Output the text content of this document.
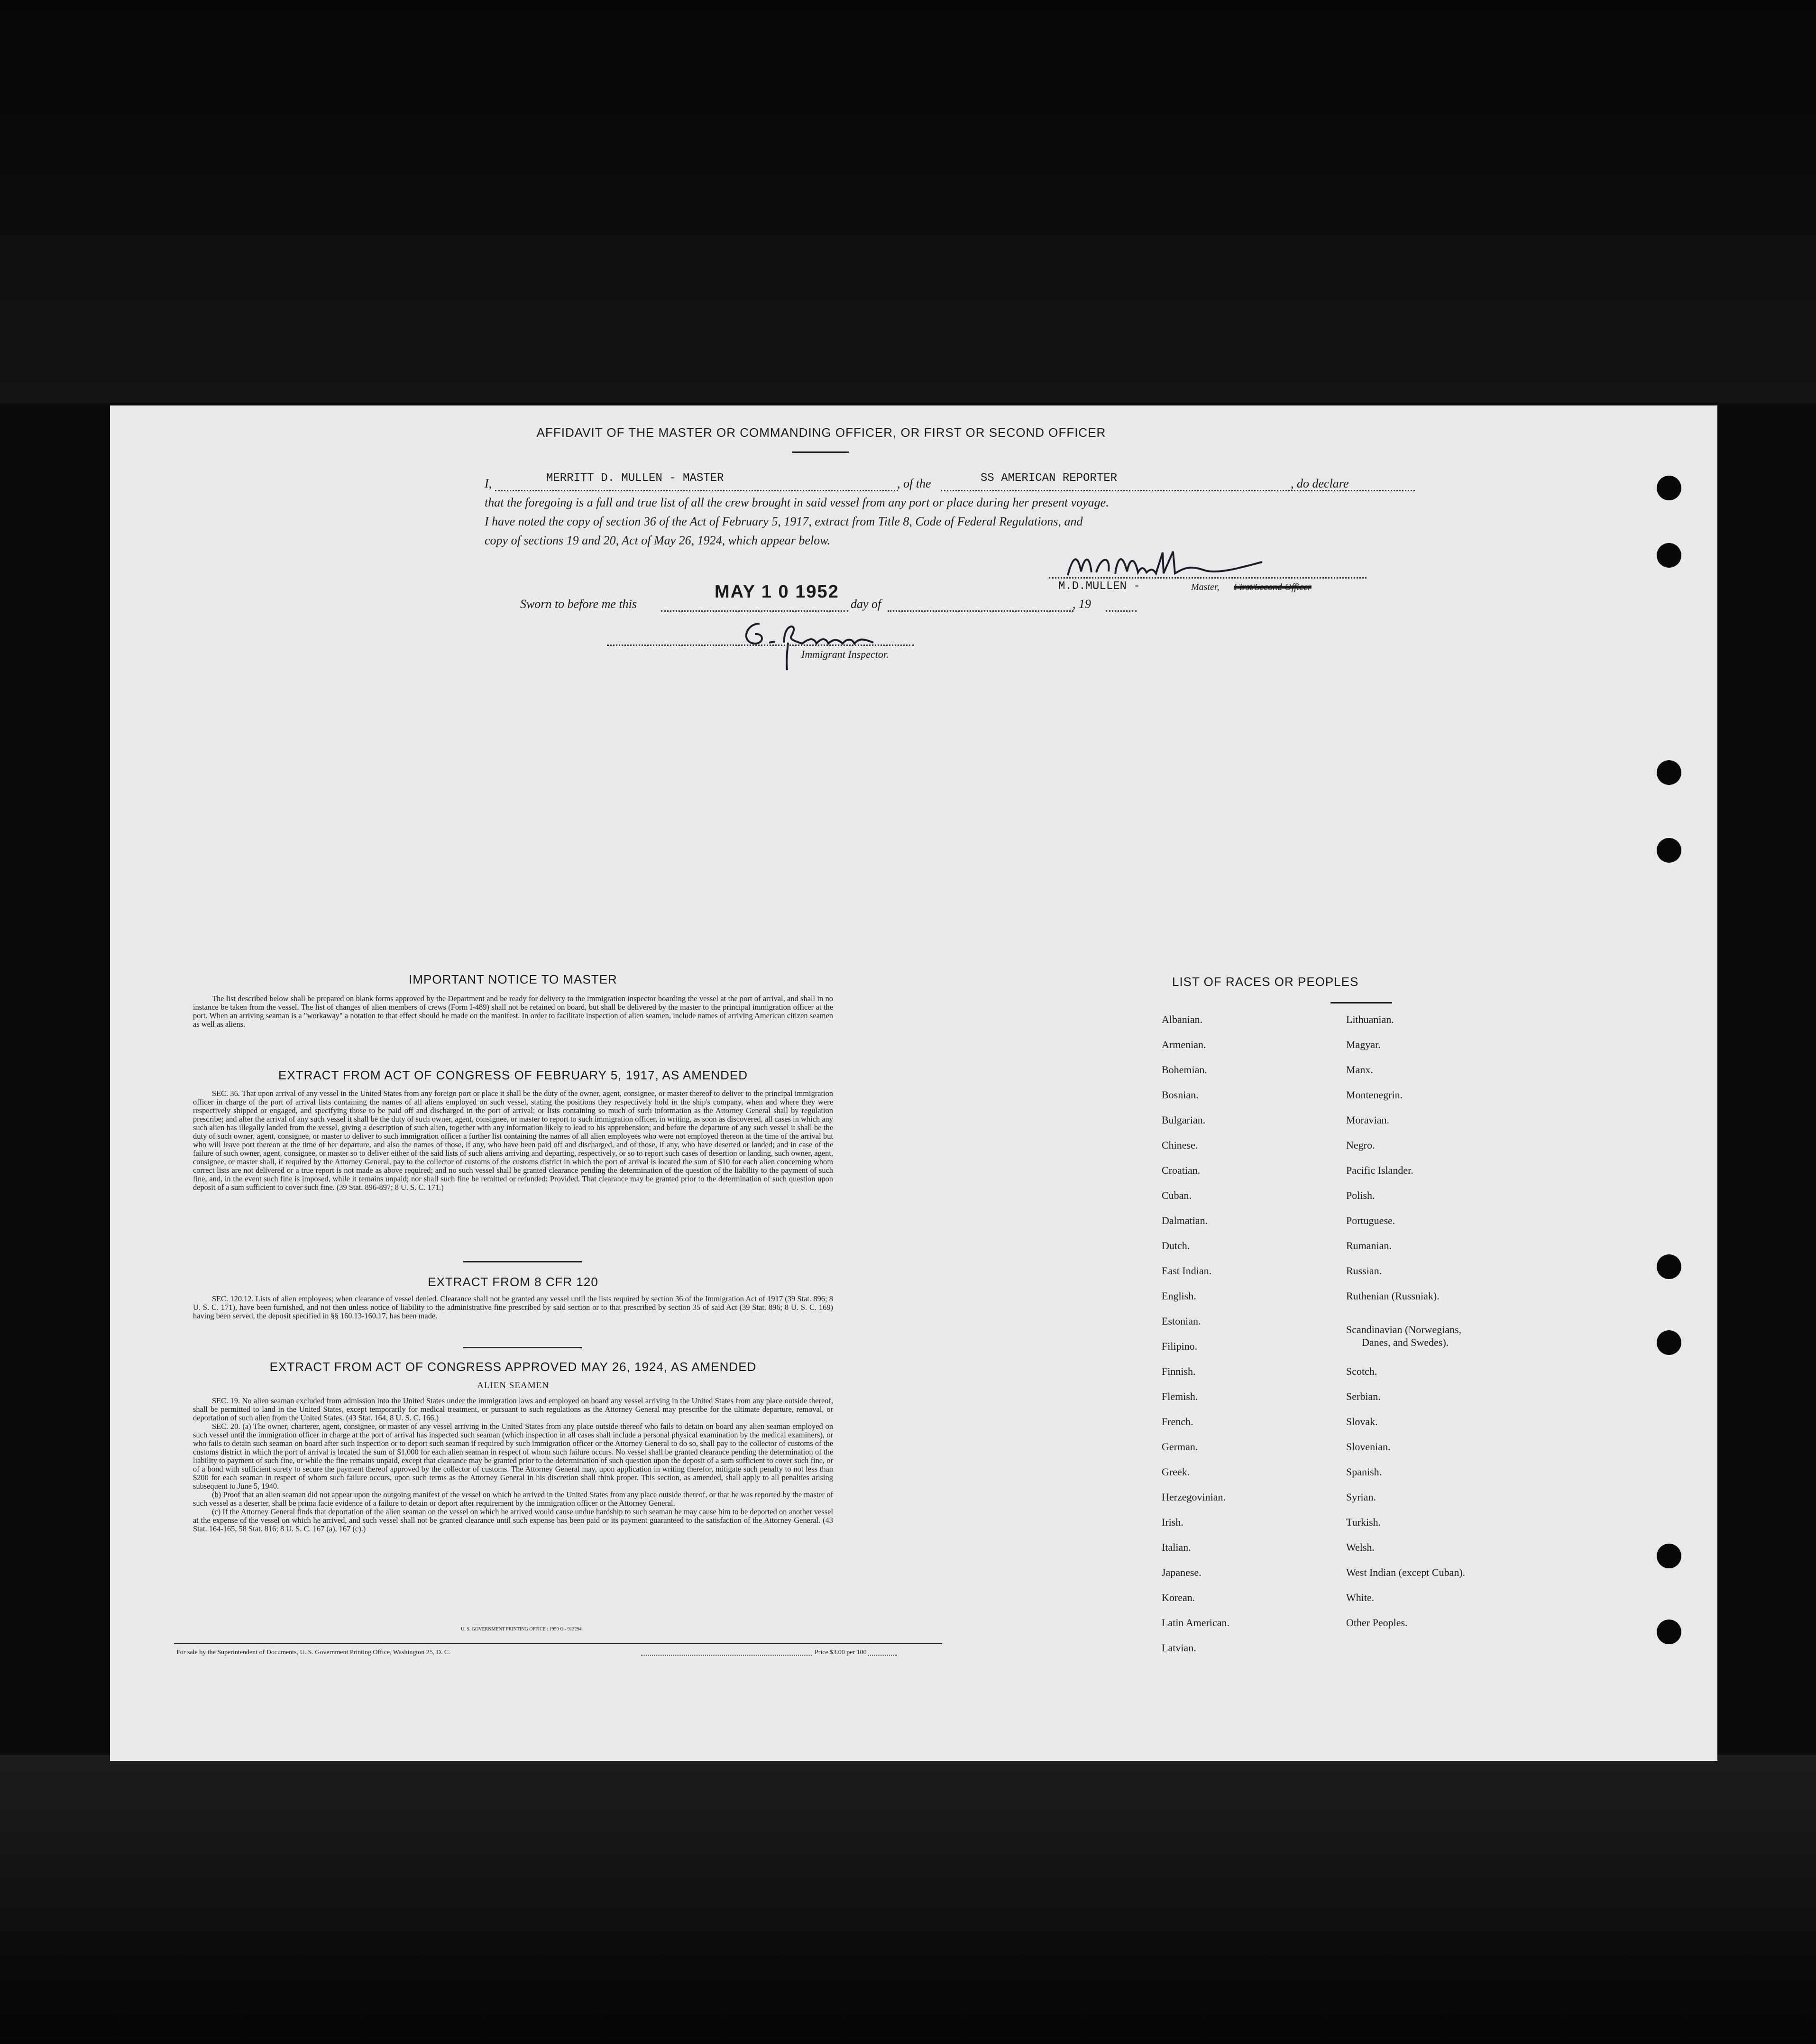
AFFIDAVIT OF THE MASTER OR COMMANDING OFFICER, OR FIRST OR SECOND OFFICER
I,	MERRITT D. MULLEN - MASTER	, of the	SS AMERICAN REPORTER	, do declare
that the foregoing is a full and true list of all the crew brought in said vessel from any port or place during her present voyage.
I have noted the copy of section 36 of the Act of February 5, 1917, extract from Title 8, Code of Federal Regulations, and
copy of sections 19 and 20, Act of May 26, 1924, which appear below.
M.D.MULLEN -	Master, First/Second Officer
Sworn to before me this
MAY 1 0 1952
day of	, 19
Immigrant Inspector.
IMPORTANT NOTICE TO MASTER

The list described below shall be prepared on blank forms approved by the Department and be ready for delivery to the immigration inspector boarding the vessel at the port of arrival, and shall in no instance be taken from the vessel. The list of changes of alien members of crews (Form I-489) shall not be retained on board, but shall be delivered by the master to the principal immigration officer at the port. When an arriving seaman is a "workaway" a notation to that effect should be made on the manifest. In order to facilitate inspection of alien seamen, include names of arriving American citizen seamen as well as aliens.

EXTRACT FROM ACT OF CONGRESS OF FEBRUARY 5, 1917, AS AMENDED

SEC. 36. That upon arrival of any vessel in the United States from any foreign port or place it shall be the duty of the owner, agent, consignee, or master thereof to deliver to the principal immigration officer in charge of the port of arrival lists containing the names of all aliens employed on such vessel, stating the positions they respectively hold in the ship's company, when and where they were respectively shipped or engaged, and specifying those to be paid off and discharged in the port of arrival; or lists containing so much of such information as the Attorney General shall by regulation prescribe; and after the arrival of any such vessel it shall be the duty of such owner, agent, consignee, or master to report to such immigration officer, in writing, as soon as discovered, all cases in which any such alien has illegally landed from the vessel, giving a description of such alien, together with any information likely to lead to his apprehension; and before the departure of any such vessel it shall be the duty of such owner, agent, consignee, or master to deliver to such immigration officer a further list containing the names of all alien employees who were not employed thereon at the time of the arrival but who will leave port thereon at the time of her departure, and also the names of those, if any, who have been paid off and discharged, and of those, if any, who have deserted or landed; and in case of the failure of such owner, agent, consignee, or master so to deliver either of the said lists of such aliens arriving and departing, respectively, or so to report such cases of desertion or landing, such owner, agent, consignee, or master shall, if required by the Attorney General, pay to the collector of customs of the customs district in which the port of arrival is located the sum of $10 for each alien concerning whom correct lists are not delivered or a true report is not made as above required; and no such vessel shall be granted clearance pending the determination of the question of the liability to the payment of such fine, and, in the event such fine is imposed, while it remains unpaid; nor shall such fine be remitted or refunded: Provided, That clearance may be granted prior to the determination of such question upon deposit of a sum sufficient to cover such fine. (39 Stat. 896-897; 8 U. S. C. 171.)

EXTRACT FROM 8 CFR 120

SEC. 120.12. Lists of alien employees; when clearance of vessel denied. Clearance shall not be granted any vessel until the lists required by section 36 of the Immigration Act of 1917 (39 Stat. 896; 8 U. S. C. 171), have been furnished, and not then unless notice of liability to the administrative fine prescribed by said section or to that prescribed by section 35 of said Act (39 Stat. 896; 8 U. S. C. 169) having been served, the deposit specified in §§ 160.13-160.17, has been made.

EXTRACT FROM ACT OF CONGRESS APPROVED MAY 26, 1924, AS AMENDED
ALIEN SEAMEN

SEC. 19. No alien seaman excluded from admission into the United States under the immigration laws and employed on board any vessel arriving in the United States from any place outside thereof, shall be permitted to land in the United States, except temporarily for medical treatment, or pursuant to such regulations as the Attorney General may prescribe for the ultimate departure, removal, or deportation of such alien from the United States. (43 Stat. 164, 8 U. S. C. 166.)

SEC. 20. (a) The owner, charterer, agent, consignee, or master of any vessel arriving in the United States from any place outside thereof who fails to detain on board any alien seaman employed on such vessel until the immigration officer in charge at the port of arrival has inspected such seaman (which inspection in all cases shall include a personal physical examination by the medical examiners), or who fails to detain such seaman on board after such inspection or to deport such seaman if required by such immigration officer or the Attorney General to do so, shall pay to the collector of customs of the customs district in which the port of arrival is located the sum of $1,000 for each alien seaman in respect of whom such failure occurs. No vessel shall be granted clearance pending the determination of the liability to payment of such fine, or while the fine remains unpaid, except that clearance may be granted prior to the determination of such question upon the deposit of a sum sufficient to cover such fine, or of a bond with sufficient surety to secure the payment thereof approved by the collector of customs. The Attorney General may, upon application in writing therefor, mitigate such penalty to not less than $200 for each seaman in respect of whom such failure occurs, upon such terms as the Attorney General in his discretion shall think proper. This section, as amended, shall apply to all penalties arising subsequent to June 5, 1940.

(b) Proof that an alien seaman did not appear upon the outgoing manifest of the vessel on which he arrived in the United States from any place outside thereof, or that he was reported by the master of such vessel as a deserter, shall be prima facie evidence of a failure to detain or deport after requirement by the immigration officer or the Attorney General.

(c) If the Attorney General finds that deportation of the alien seaman on the vessel on which he arrived would cause undue hardship to such seaman he may cause him to be deported on another vessel at the expense of the vessel on which he arrived, and such vessel shall not be granted clearance until such expense has been paid or its payment guaranteed to the satisfaction of the Attorney General. (43 Stat. 164-165, 58 Stat. 816; 8 U. S. C. 167 (a), 167 (c).)

U. S. GOVERNMENT PRINTING OFFICE : 1950 O - 913294
For sale by the Superintendent of Documents, U. S. Government Printing Office, Washington 25, D. C.	Price $3.00 per 100
LIST OF RACES OR PEOPLES
Albanian.
Armenian.
Bohemian.
Bosnian.
Bulgarian.
Chinese.
Croatian.
Cuban.
Dalmatian.
Dutch.
East Indian.
English.
Estonian.
Filipino.
Finnish.
Flemish.
French.
German.
Greek.
Herzegovinian.
Irish.
Italian.
Japanese.
Korean.
Latin American.
Latvian.
Lithuanian.
Magyar.
Manx.
Montenegrin.
Moravian.
Negro.
Pacific Islander.
Polish.
Portuguese.
Rumanian.
Russian.
Ruthenian (Russniak).
Scandinavian (Norwegians,
Danes, and Swedes).
Scotch.
Serbian.
Slovak.
Slovenian.
Spanish.
Syrian.
Turkish.
Welsh.
West Indian (except Cuban).
White.
Other Peoples.
